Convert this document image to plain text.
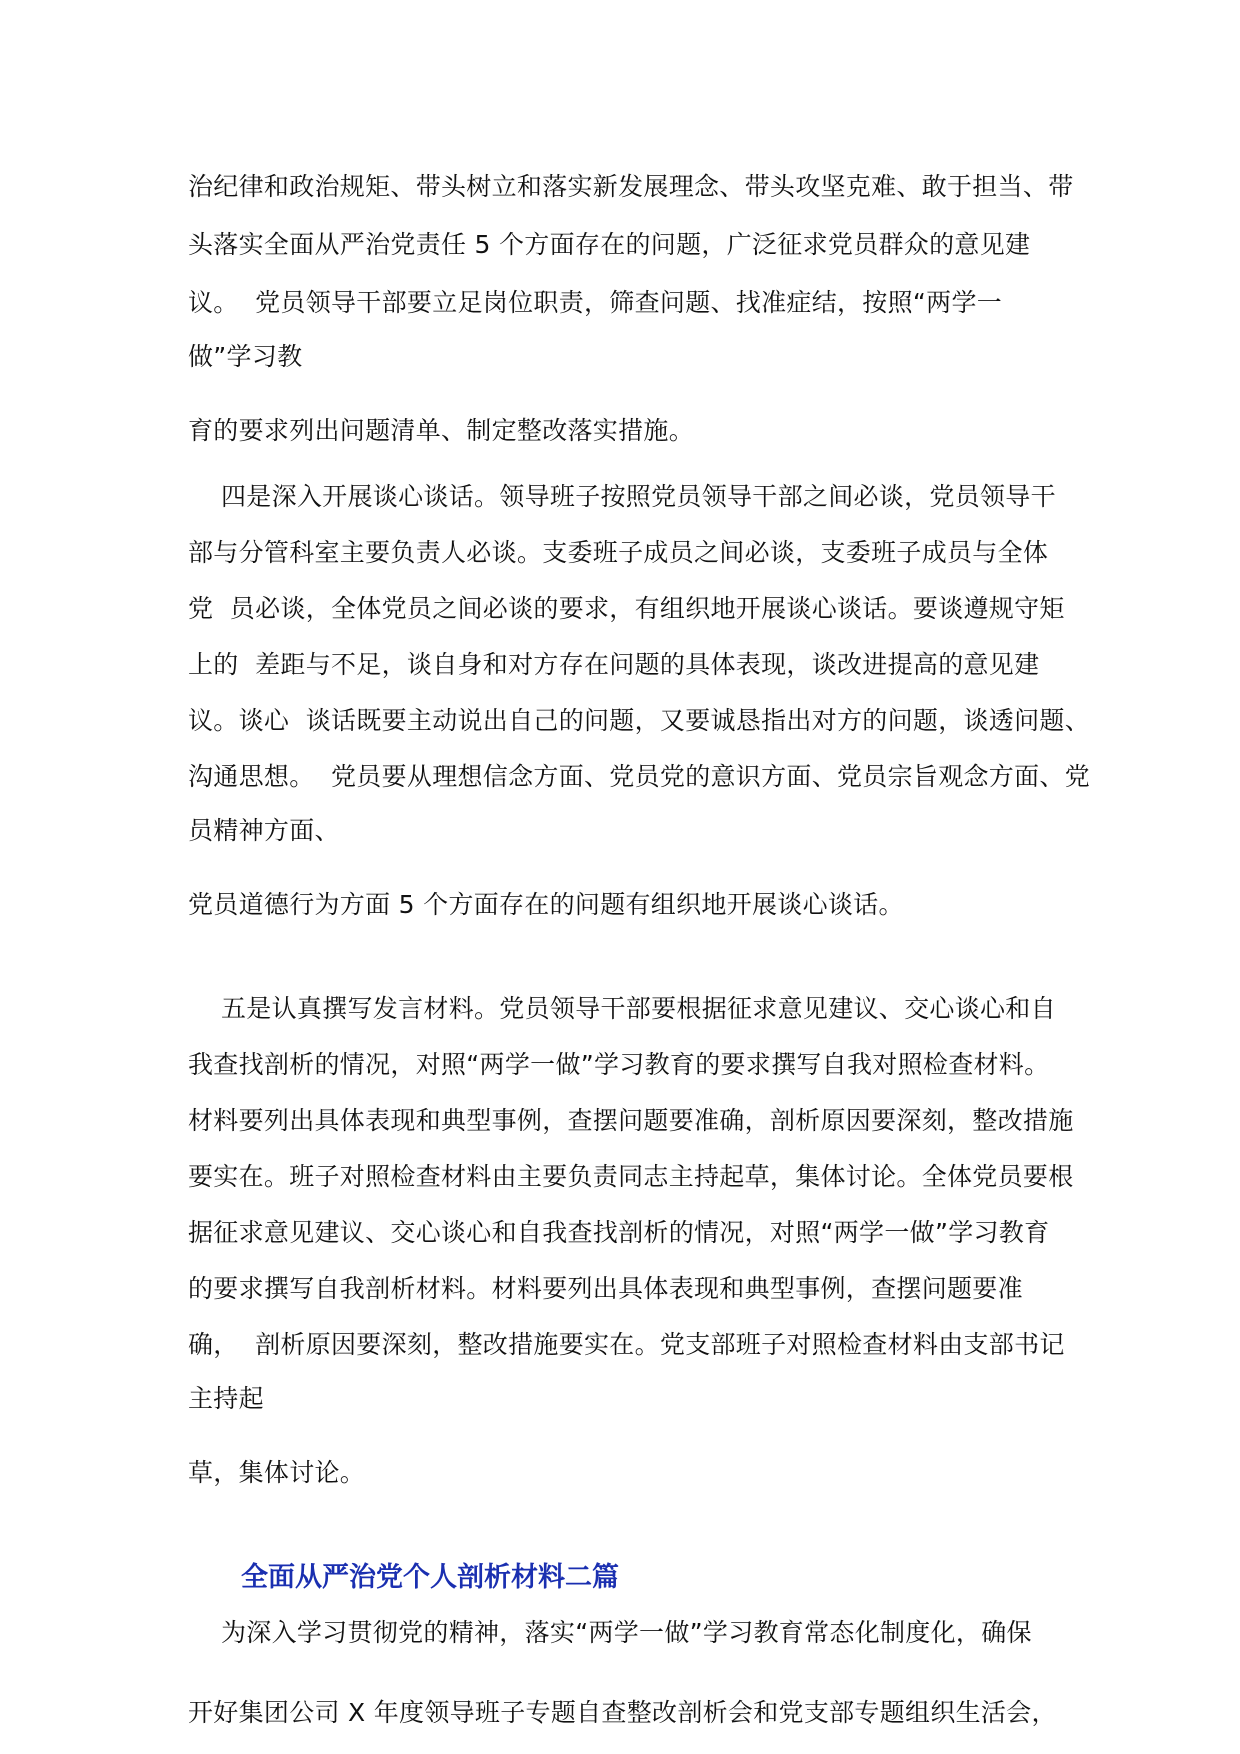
治纪律和政治规矩、带头树立和落实新发展理念、带头攻坚克难、敢于担当、带
头落实全面从严治党责任 5 个方面存在的问题，广泛征求党员群众的意见建
议。  党员领导干部要立足岗位职责，筛查问题、找准症结，按照“两学一
做”学习教
育的要求列出问题清单、制定整改落实措施。
四是深入开展谈心谈话。领导班子按照党员领导干部之间必谈，党员领导干
部与分管科室主要负责人必谈。支委班子成员之间必谈，支委班子成员与全体
党  员必谈，全体党员之间必谈的要求，有组织地开展谈心谈话。要谈遵规守矩
上的  差距与不足，谈自身和对方存在问题的具体表现，谈改进提高的意见建
议。谈心  谈话既要主动说出自己的问题，又要诚恳指出对方的问题，谈透问题、
沟通思想。  党员要从理想信念方面、党员党的意识方面、党员宗旨观念方面、党
员精神方面、
党员道德行为方面 5 个方面存在的问题有组织地开展谈心谈话。
五是认真撰写发言材料。党员领导干部要根据征求意见建议、交心谈心和自
我查找剖析的情况，对照“两学一做”学习教育的要求撰写自我对照检查材料。
材料要列出具体表现和典型事例，查摆问题要准确，剖析原因要深刻，整改措施
要实在。班子对照检查材料由主要负责同志主持起草，集体讨论。全体党员要根
据征求意见建议、交心谈心和自我查找剖析的情况，对照“两学一做”学习教育
的要求撰写自我剖析材料。材料要列出具体表现和典型事例，查摆问题要准
确，  剖析原因要深刻，整改措施要实在。党支部班子对照检查材料由支部书记
主持起
草，集体讨论。
全面从严治党个人剖析材料二篇
为深入学习贯彻党的精神，落实“两学一做”学习教育常态化制度化，确保
开好集团公司 X 年度领导班子专题自查整改剖析会和党支部专题组织生活会，
